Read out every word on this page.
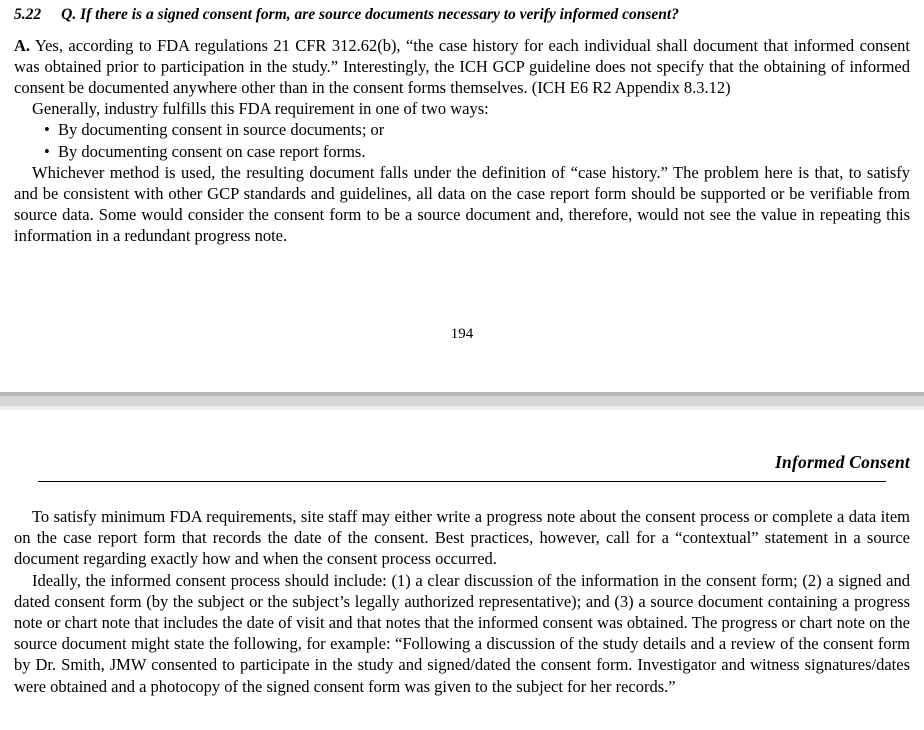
5.22	Q. If there is a signed consent form, are source documents necessary to verify informed consent?

A. Yes, according to FDA regulations 21 CFR 312.62(b), “the case history for each individual shall document that informed consent was obtained prior to participation in the study.” Interestingly, the ICH GCP guideline does not specify that the obtaining of informed consent be documented anywhere other than in the consent forms themselves. (ICH E6 R2 Appendix 8.3.12)

Generally, industry fulfills this FDA requirement in one of two ways:

• By documenting consent in source documents; or
• By documenting consent on case report forms.

Whichever method is used, the resulting document falls under the definition of “case history.” The problem here is that, to satisfy and be consistent with other GCP standards and guidelines, all data on the case report form should be supported or be verifiable from source data. Some would consider the consent form to be a source document and, therefore, would not see the value in repeating this information in a redundant progress note.

194
Informed Consent

To satisfy minimum FDA requirements, site staff may either write a progress note about the consent process or complete a data item on the case report form that records the date of the consent. Best practices, however, call for a “contextual” statement in a source document regarding exactly how and when the consent process occurred.

Ideally, the informed consent process should include: (1) a clear discussion of the information in the consent form; (2) a signed and dated consent form (by the subject or the subject’s legally authorized representative); and (3) a source document containing a progress note or chart note that includes the date of visit and that notes that the informed consent was obtained. The progress or chart note on the source document might state the following, for example: “Following a discussion of the study details and a review of the consent form by Dr. Smith, JMW consented to participate in the study and signed/dated the consent form. Investigator and witness signatures/dates were obtained and a photocopy of the signed consent form was given to the subject for her records.”
